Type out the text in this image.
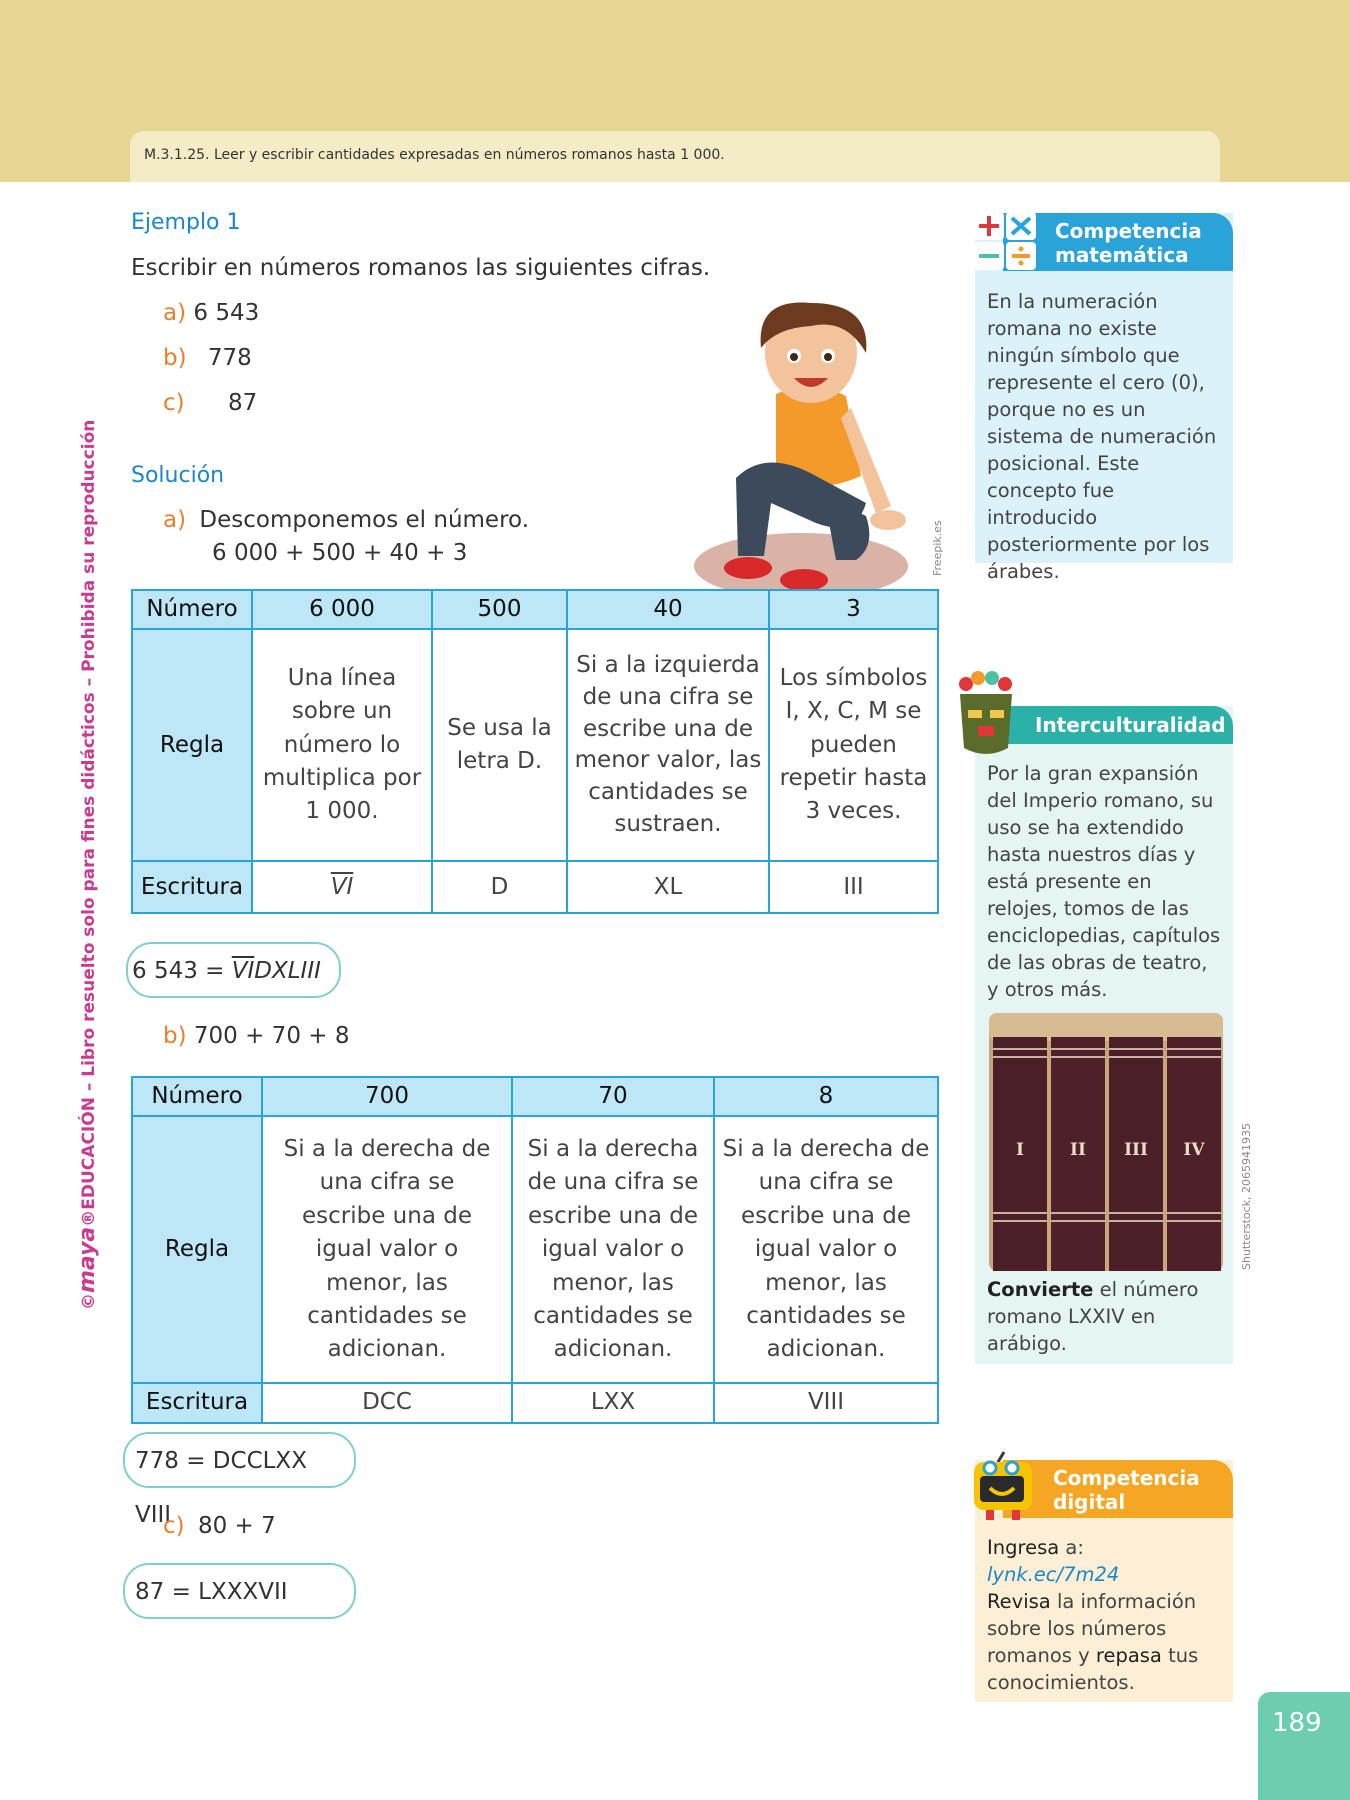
M.3.1.25. Leer y escribir cantidades expresadas en números romanos hasta 1 000.
©maya®EDUCACIÓN – Libro resuelto solo para fines didácticos – Prohibida su reproducción
Ejemplo 1
Escribir en números romanos las siguientes cifras.
a) 6 543
b) 778
c) 87
Solución
a) Descomponemos el número.
6 000 + 500 + 40 + 3	Freepik.es
Número	6 000	500	40	3
Regla	Una línea sobre un número lo multiplica por 1 000.	Se usa la letra D.	Si a la izquierda de una cifra se escribe una de menor valor, las cantidades se sustraen.	Los símbolos I, X, C, M se pueden repetir hasta 3 veces.
Escritura	$\overline{VI}$	D	XL	III
6 $543 = \overline{VI}DXLIII$
b) 700 + 70 + 8
Número	700	70	8
Regla	Si a la derecha de una cifra se escribe una de igual valor o menor, las cantidades se adicionan.	Si a la derecha de una cifra se escribe una de igual valor o menor, las cantidades se adicionan.	Si a la derecha de una cifra se escribe una de igual valor o menor, las cantidades se adicionan.
Escritura	DCC	LXX	VIII
778 = DCCLXX VIII
c) 80 + 7
87 = LXXXVII
Competencia matemática
En la numeración romana no existe ningún símbolo que represente el cero (0), porque no es un sistema de numeración posicional. Este concepto fue introducido posteriormente por los árabes.
Interculturalidad
Por la gran expansión del Imperio romano, su uso se ha extendido hasta nuestros días y está presente en relojes, tomos de las enciclopedias, capítulos de las obras de teatro, y otros más.
I	II III IV	Shutterstock, 2065941935
Convierte el número romano LXXIV en arábigo.
Competencia digital
Ingresa a:
lynk.ec/7m24
Revisa la información sobre los números romanos y repasa tus conocimientos.
189
